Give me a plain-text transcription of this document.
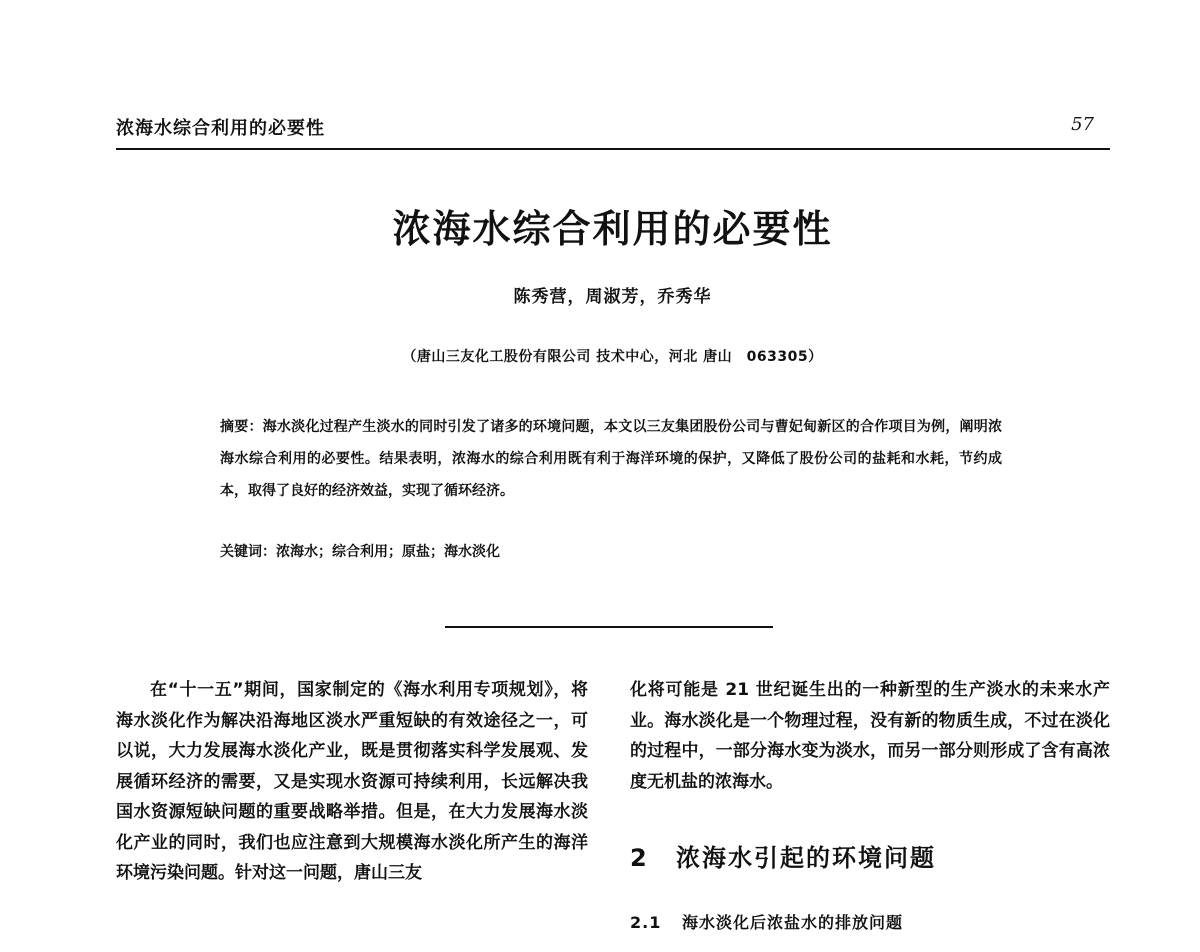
浓海水综合利用的必要性	57
浓海水综合利用的必要性
陈秀营，周淑芳，乔秀华
（唐山三友化工股份有限公司 技术中心，河北 唐山　063305）
摘要：海水淡化过程产生淡水的同时引发了诸多的环境问题，本文以三友集团股份公司与曹妃甸新区的合作项目为例，阐明浓海水综合利用的必要性。结果表明，浓海水的综合利用既有利于海洋环境的保护，又降低了股份公司的盐耗和水耗，节约成本，取得了良好的经济效益，实现了循环经济。
关键词：浓海水；综合利用；原盐；海水淡化

在“十一五”期间，国家制定的《海水利用专项规划》，将海水淡化作为解决沿海地区淡水严重短缺的有效途径之一，可以说，大力发展海水淡化产业，既是贯彻落实科学发展观、发展循环经济的需要，又是实现水资源可持续利用，长远解决我国水资源短缺问题的重要战略举措。但是，在大力发展海水淡化产业的同时，我们也应注意到大规模海水淡化所产生的海洋环境污染问题。针对这一问题，唐山三友

化将可能是 21 世纪诞生出的一种新型的生产淡水的未来水产业。海水淡化是一个物理过程，没有新的物质生成，不过在淡化的过程中，一部分海水变为淡水，而另一部分则形成了含有高浓度无机盐的浓海水。

2 浓海水引起的环境问题
2.1 海水淡化后浓盐水的排放问题
